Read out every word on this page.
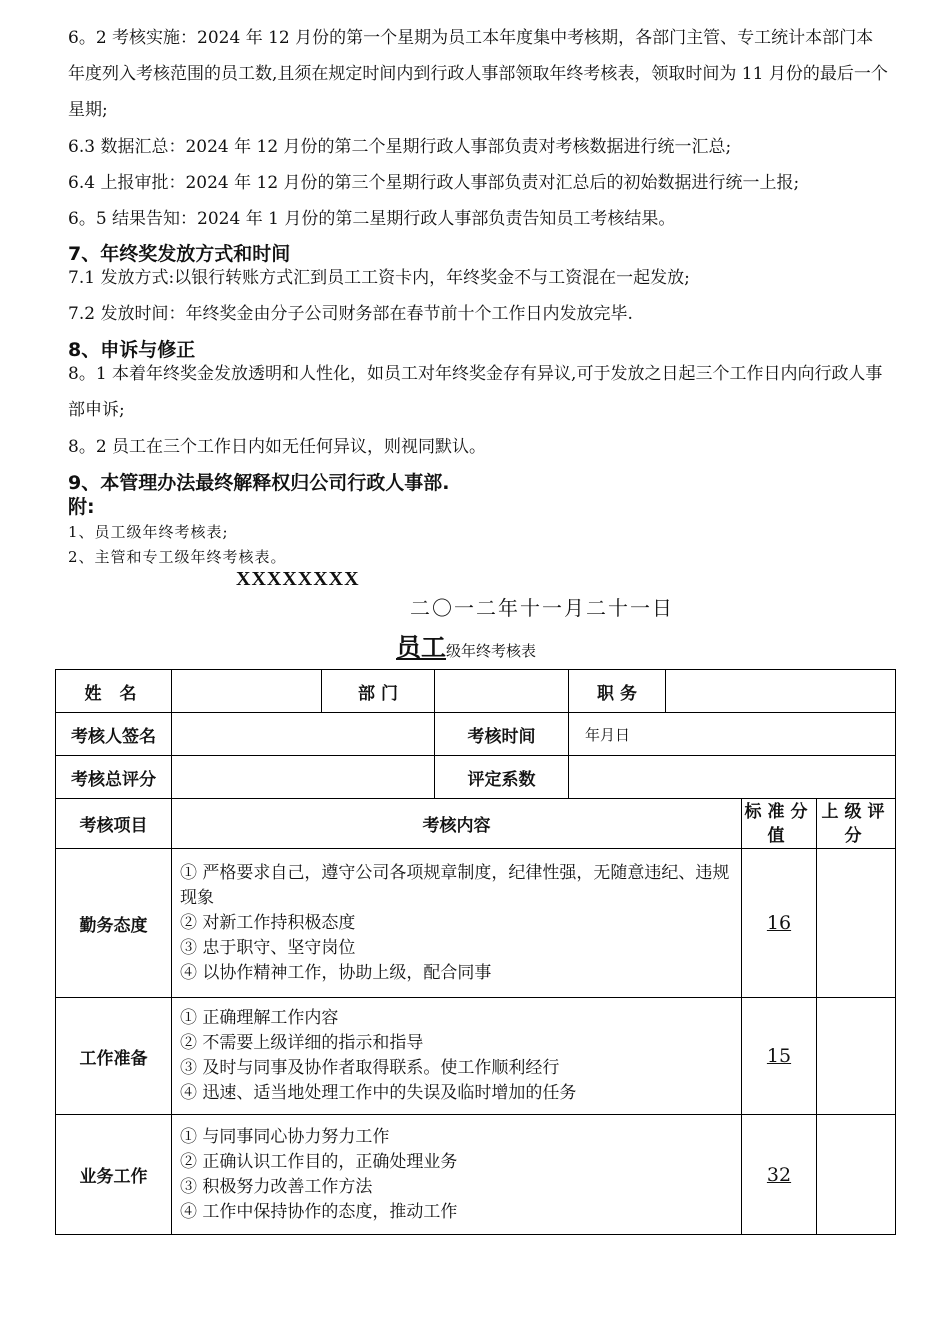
6。2 考核实施：2024 年 12 月份的第一个星期为员工本年度集中考核期，各部门主管、专工统计本部门本年度列入考核范围的员工数,且须在规定时间内到行政人事部领取年终考核表，领取时间为 11 月份的最后一个星期;
6.3 数据汇总：2024 年 12 月份的第二个星期行政人事部负责对考核数据进行统一汇总;
6.4 上报审批：2024 年 12 月份的第三个星期行政人事部负责对汇总后的初始数据进行统一上报;
6。5 结果告知：2024 年 1 月份的第二星期行政人事部负责告知员工考核结果。
7、年终奖发放方式和时间
7.1 发放方式:以银行转账方式汇到员工工资卡内，年终奖金不与工资混在一起发放;
7.2 发放时间：年终奖金由分子公司财务部在春节前十个工作日内发放完毕.
8、申诉与修正
8。1 本着年终奖金发放透明和人性化，如员工对年终奖金存有异议,可于发放之日起三个工作日内向行政人事部申诉;
8。2 员工在三个工作日内如无任何异议，则视同默认。
9、本管理办法最终解释权归公司行政人事部.
附:
1、员工级年终考核表;
2、主管和专工级年终考核表。
XXXXXXXX
二〇一二年十一月二十一日
员工级年终考核表
姓 名		部 门		职 务			
考核人签名			考核时间	年月日			
考核总评分			评定系数				
考核项目	考核内容					标准分值	上级评分
勤务态度	① 严格要求自己，遵守公司各项规章制度，纪律性强，无随意违纪、违规现象
② 对新工作持积极态度
③ 忠于职守、坚守岗位
④ 以协作精神工作，协助上级，配合同事					16	
工作准备	① 正确理解工作内容
② 不需要上级详细的指示和指导
③ 及时与同事及协作者取得联系。使工作顺利经行
④ 迅速、适当地处理工作中的失误及临时增加的任务					15	
业务工作	① 与同事同心协力努力工作
② 正确认识工作目的，正确处理业务
③ 积极努力改善工作方法
④ 工作中保持协作的态度，推动工作					32	
